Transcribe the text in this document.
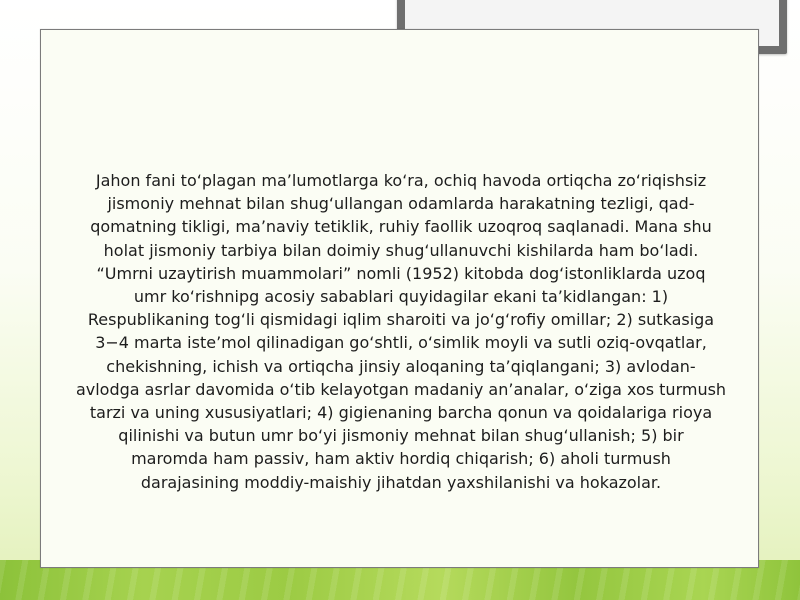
Jahon fani to‘plagan ma’lumotlarga ko‘ra, ochiq havoda ortiqcha zo‘riqishsiz
jismoniy mehnat bilan shug‘ullangan odamlarda harakatning tezligi, qad-
qomatning tikligi, ma’naviy tetiklik, ruhiy faollik uzoqroq saqlanadi. Mana shu
holat jismoniy tarbiya bilan doimiy shug‘ullanuvchi kishilarda ham bo‘ladi.
“Umrni uzaytirish muammolari” nomli (1952) kitobda dog‘istonliklarda uzoq
umr ko‘rishnipg acosiy sabablari quyidagilar ekani ta’kidlangan: 1)
Respublikaning tog‘li qismidagi iqlim sharoiti va jo‘g‘rofiy omillar; 2) sutkasiga
3−4 marta iste’mol qilinadigan go‘shtli, o‘simlik moyli va sutli oziq-ovqatlar,
chekishning, ichish va ortiqcha jinsiy aloqaning ta’qiqlangani; 3) avlodan-
avlodga asrlar davomida o‘tib kelayotgan madaniy an’analar, o‘ziga xos turmush
tarzi va uning xususiyatlari; 4) gigienaning barcha qonun va qoidalariga rioya
qilinishi va butun umr bo‘yi jismoniy mehnat bilan shug‘ullanish; 5) bir
maromda ham passiv, ham aktiv hordiq chiqarish; 6) aholi turmush
darajasining moddiy-maishiy jihatdan yaxshilanishi va hokazolar.
